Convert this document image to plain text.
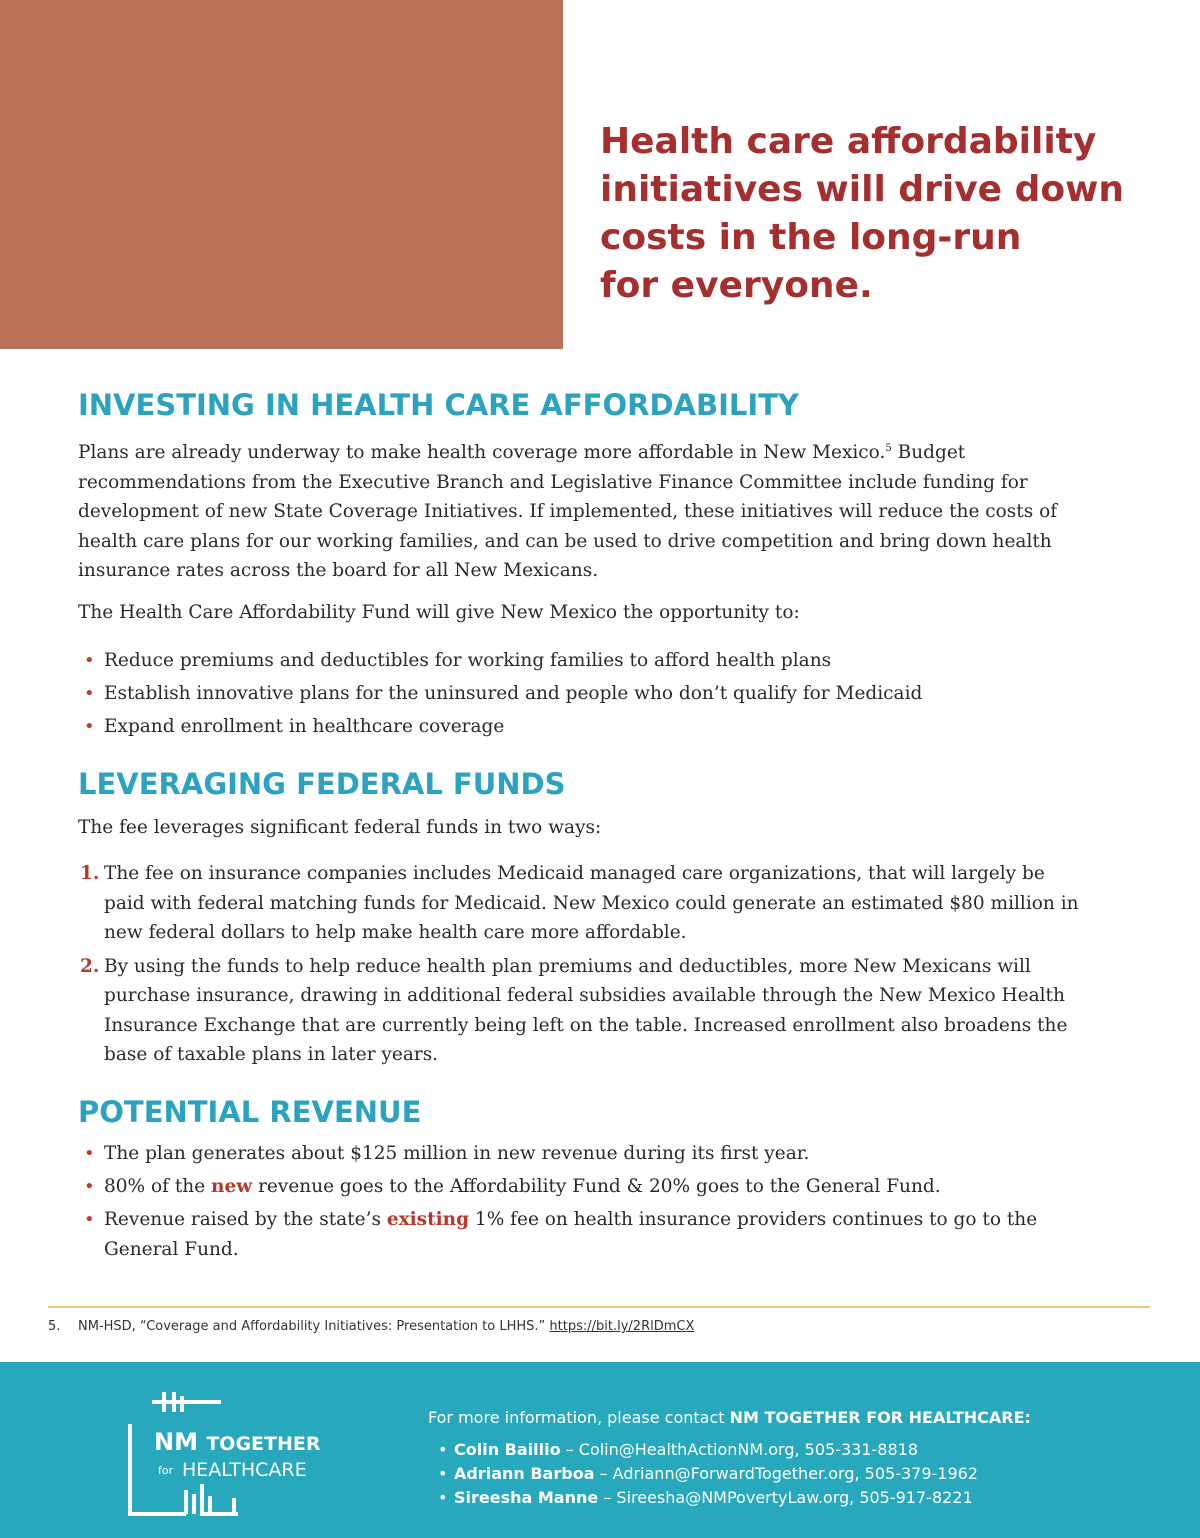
Health care affordability
initiatives will drive down
costs in the long-run
for everyone.
INVESTING IN HEALTH CARE AFFORDABILITY
Plans are already underway to make health coverage more affordable in New Mexico.$^5$ Budget
recommendations from the Executive Branch and Legislative Finance Committee include funding for
development of new State Coverage Initiatives. If implemented, these initiatives will reduce the costs of
health care plans for our working families, and can be used to drive competition and bring down health
insurance rates across the board for all New Mexicans.
The Health Care Affordability Fund will give New Mexico the opportunity to:
• Reduce premiums and deductibles for working families to afford health plans
• Establish innovative plans for the uninsured and people who don’t qualify for Medicaid
• Expand enrollment in healthcare coverage
LEVERAGING FEDERAL FUNDS
The fee leverages significant federal funds in two ways:
1. The fee on insurance companies includes Medicaid managed care organizations, that will largely be
paid with federal matching funds for Medicaid. New Mexico could generate an estimated $80 million in
new federal dollars to help make health care more affordable.
2. By using the funds to help reduce health plan premiums and deductibles, more New Mexicans will
purchase insurance, drawing in additional federal subsidies available through the New Mexico Health
Insurance Exchange that are currently being left on the table. Increased enrollment also broadens the
base of taxable plans in later years.
POTENTIAL REVENUE
• The plan generates about $125 million in new revenue during its first year.
• 80% of the new revenue goes to the Affordability Fund & 20% goes to the General Fund.
• Revenue raised by the state’s existing 1% fee on health insurance providers continues to go to the
General Fund.
5. NM-HSD, “Coverage and Affordability Initiatives: Presentation to LHHS.” https://bit.ly/2RlDmCX
NM TOGETHER
for HEALTHCARE
For more information, please contact NM TOGETHER FOR HEALTHCARE:
• Colin Baillio – Colin@HealthActionNM.org, 505-331-8818
• Adriann Barboa – Adriann@ForwardTogether.org, 505-379-1962
• Sireesha Manne – Sireesha@NMPovertyLaw.org, 505-917-8221
